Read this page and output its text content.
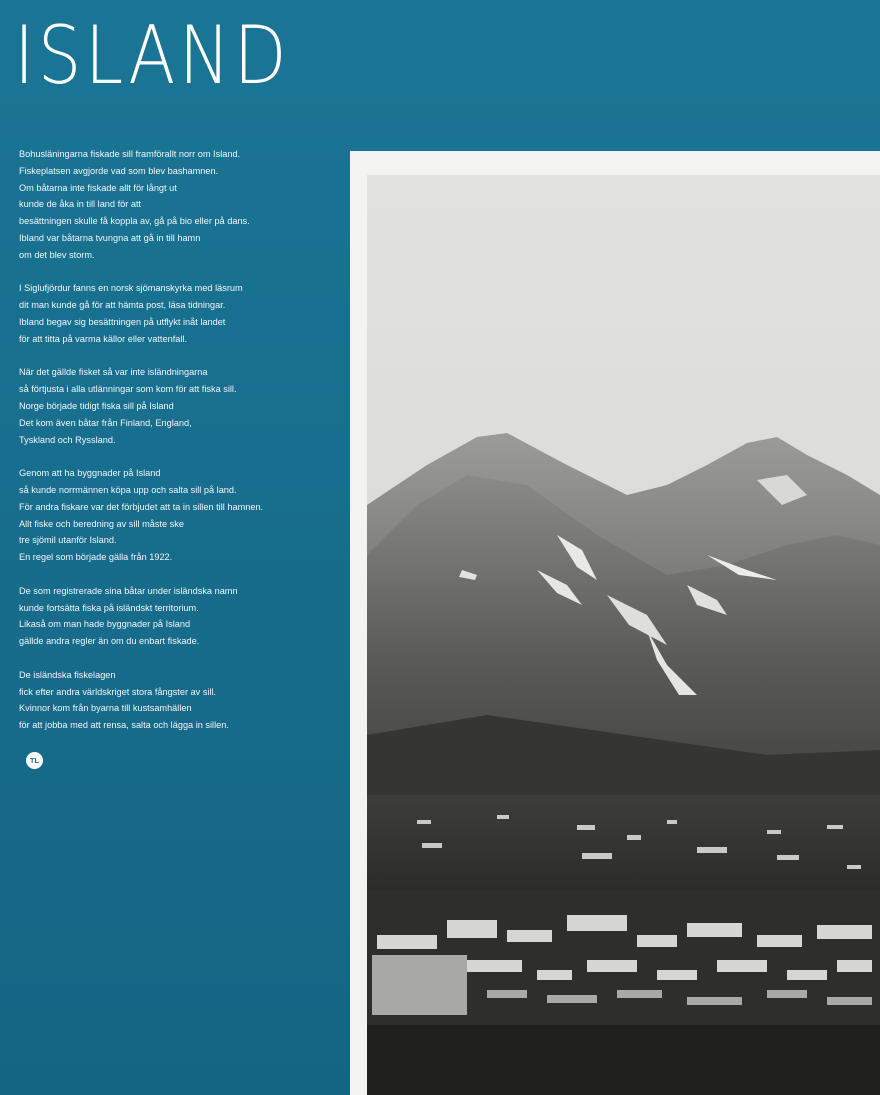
ISLAND

Bohusläningarna fiskade sill framförallt norr om Island.

Fiskeplatsen avgjorde vad som blev bashamnen.

Om båtarna inte fiskade allt för långt ut

kunde de åka in till land för att

besättningen skulle få koppla av, gå på bio eller på dans.

Ibland var båtarna tvungna att gå in till hamn

om det blev storm.

I Siglufjördur fanns en norsk sjömanskyrka med läsrum

dit man kunde gå för att hämta post, läsa tidningar.

Ibland begav sig besättningen på utflykt inåt landet

för att titta på varma källor eller vattenfall.

När det gällde fisket så var inte isländningarna

så förtjusta i alla utlänningar som kom för att fiska sill.

Norge började tidigt fiska sill på Island

Det kom även båtar från Finland, England,

Tyskland och Ryssland.

Genom att ha byggnader på Island

så kunde norrmännen köpa upp och salta sill på land.

För andra fiskare var det förbjudet att ta in sillen till hamnen.

Allt fiske och beredning av sill måste ske

tre sjömil utanför Island.

En regel som började gälla från 1922.

De som registrerade sina båtar under isländska namn

kunde fortsätta fiska på isländskt territorium.

Likaså om man hade byggnader på Island

gällde andra regler än om du enbart fiskade.

De isländska fiskelagen

fick efter andra världskriget stora fångster av sill.

Kvinnor kom från byarna till kustsamhällen

för att jobba med att rensa, salta och lägga in sillen.

TL
